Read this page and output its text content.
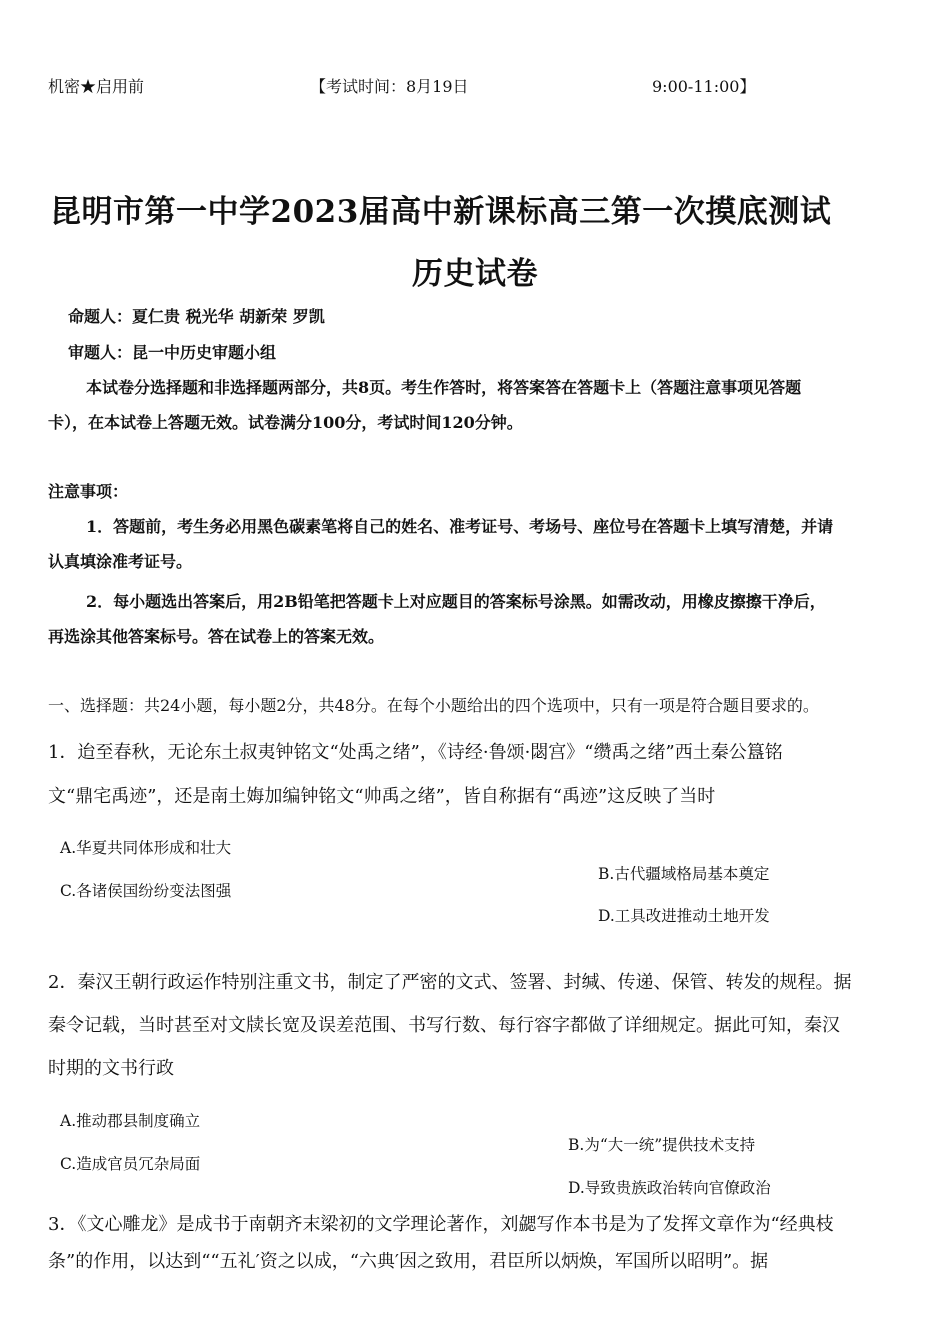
机密★启用前	【考试时间：8月19日	9:00-11:00】
昆明市第一中学2023届高中新课标高三第一次摸底测试
历史试卷
命题人：夏仁贵 税光华 胡新荣 罗凯
审题人：昆一中历史审题小组
本试卷分选择题和非选择题两部分，共8页。考生作答时，将答案答在答题卡上（答题注意事项见答题
卡），在本试卷上答题无效。试卷满分100分，考试时间120分钟。
注意事项：
1．答题前，考生务必用黑色碳素笔将自己的姓名、准考证号、考场号、座位号在答题卡上填写清楚，并请
认真填涂准考证号。
2．每小题选出答案后，用2B铅笔把答题卡上对应题目的答案标号涂黑。如需改动，用橡皮擦擦干净后，
再选涂其他答案标号。答在试卷上的答案无效。
一、选择题：共24小题，每小题2分，共48分。在每个小题给出的四个选项中，只有一项是符合题目要求的。
1．迨至春秋，无论东土叔夷钟铭文“处禹之绪”，《诗经·鲁颂·閟宫》“缵禹之绪”西土秦公簋铭
文“鼎宅禹迹”，还是南土娒加编钟铭文“帅禹之绪”，皆自称据有“禹迹”这反映了当时
A.华夏共同体形成和壮大
B.古代疆域格局基本奠定
C.各诸侯国纷纷变法图强
D.工具改进推动土地开发
2．秦汉王朝行政运作特别注重文书，制定了严密的文式、签署、封缄、传递、保管、转发的规程。据
秦令记载，当时甚至对文牍长宽及误差范围、书写行数、每行容字都做了详细规定。据此可知，秦汉
时期的文书行政
A.推动郡县制度确立
B.为“大一统”提供技术支持
C.造成官员冗杂局面
D.导致贵族政治转向官僚政治
3．《文心雕龙》是成书于南朝齐末梁初的文学理论著作，刘勰写作本书是为了发挥文章作为“经典枝
条”的作用，以达到““五礼′资之以成，“六典′因之致用，君臣所以炳焕，军国所以昭明”。据
